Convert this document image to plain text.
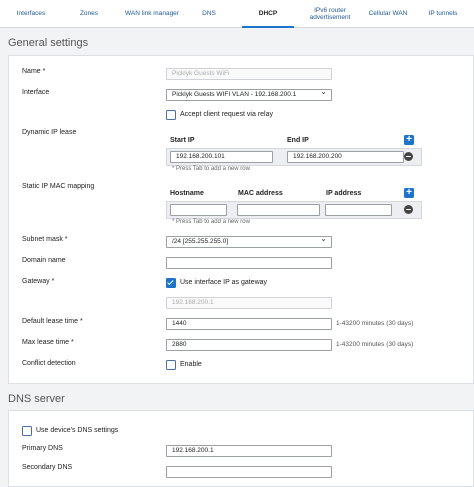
Interfaces	Zones	WAN link manager	DNS	DHCP	IPv6 router advertisement	Cellular WAN	IP tunnels
General settings
Name *	Picklyk Guests WiFi
Interface	Picklyk Guests WIFI VLAN - 192.168.200.1 ⌄
Accept client request via relay
Dynamic IP lease
Start IP	End IP	+
192.168.200.101	192.168.200.200
* Press Tab to add a new row
Static IP MAC mapping
Hostname	MAC address	IP address	+
* Press Tab to add a new row
Subnet mask *	/24 [255.255.255.0] ⌄
Domain name
Gateway *	Use interface IP as gateway
192.168.200.1
Default lease time *	1440	1-43200 minutes (30 days)
Max lease time *	2880	1-43200 minutes (30 days)
Conflict detection	Enable
DNS server
Use device's DNS settings
Primary DNS	192.168.200.1
Secondary DNS
